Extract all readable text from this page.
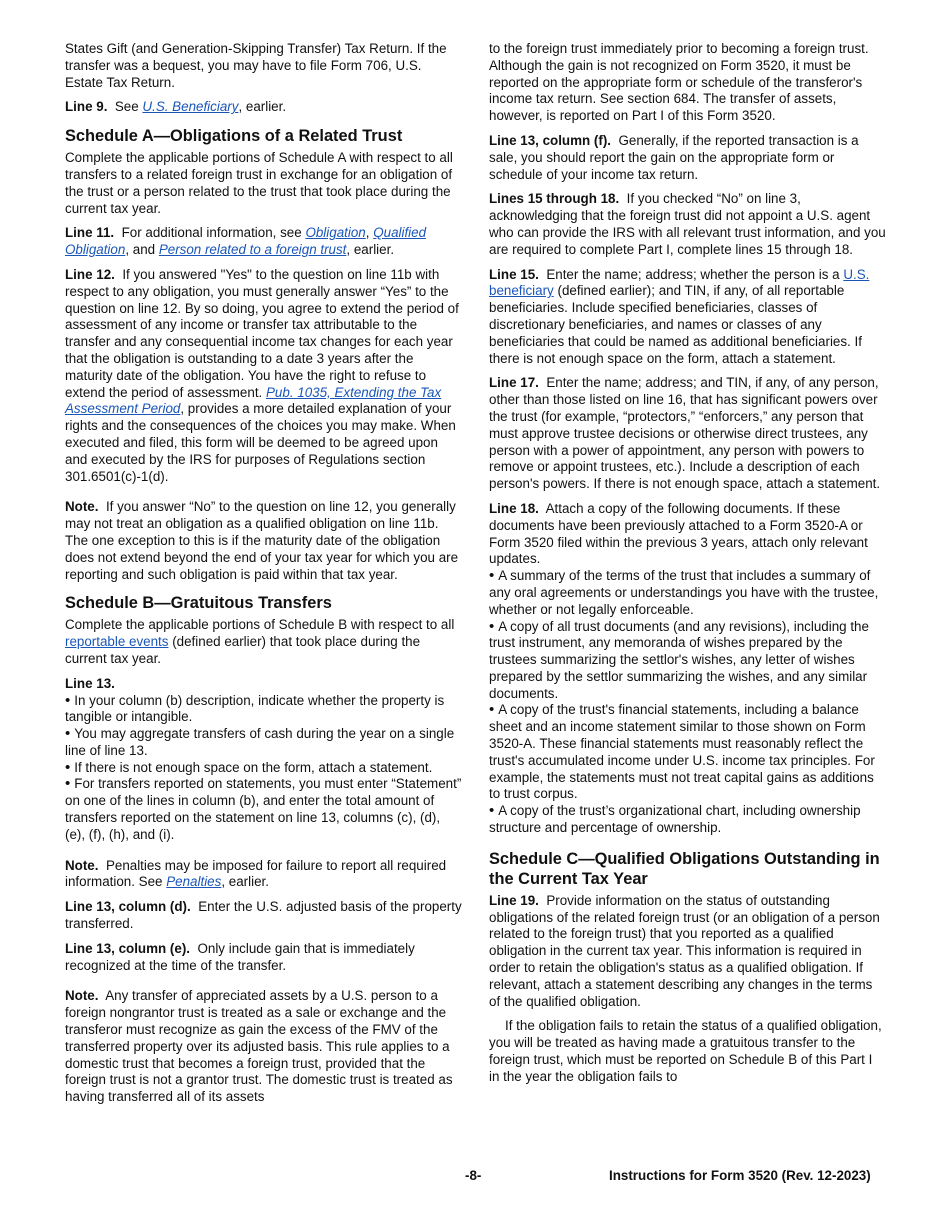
States Gift (and Generation-Skipping Transfer) Tax Return. If the transfer was a bequest, you may have to file Form 706, U.S. Estate Tax Return.

Line 9. See U.S. Beneficiary, earlier.

Schedule A—Obligations of a Related Trust

Complete the applicable portions of Schedule A with respect to all transfers to a related foreign trust in exchange for an obligation of the trust or a person related to the trust that took place during the current tax year.

Line 11. For additional information, see Obligation, Qualified Obligation, and Person related to a foreign trust, earlier.

Line 12. If you answered "Yes" to the question on line 11b with respect to any obligation, you must generally answer “Yes” to the question on line 12. By so doing, you agree to extend the period of assessment of any income or transfer tax attributable to the transfer and any consequential income tax changes for each year that the obligation is outstanding to a date 3 years after the maturity date of the obligation. You have the right to refuse to extend the period of assessment. Pub. 1035, Extending the Tax Assessment Period, provides a more detailed explanation of your rights and the consequences of the choices you may make. When executed and filed, this form will be deemed to be agreed upon and executed by the IRS for purposes of Regulations section 301.6501(c)-1(d).

Note. If you answer “No” to the question on line 12, you generally may not treat an obligation as a qualified obligation on line 11b. The one exception to this is if the maturity date of the obligation does not extend beyond the end of your tax year for which you are reporting and such obligation is paid within that tax year.

Schedule B—Gratuitous Transfers

Complete the applicable portions of Schedule B with respect to all reportable events (defined earlier) that took place during the current tax year.

Line 13.

• In your column (b) description, indicate whether the property is tangible or intangible.

• You may aggregate transfers of cash during the year on a single line of line 13.

• If there is not enough space on the form, attach a statement.

• For transfers reported on statements, you must enter “Statement” on one of the lines in column (b), and enter the total amount of transfers reported on the statement on line 13, columns (c), (d), (e), (f), (h), and (i).

Note. Penalties may be imposed for failure to report all required information. See Penalties, earlier.

Line 13, column (d). Enter the U.S. adjusted basis of the property transferred.

Line 13, column (e). Only include gain that is immediately recognized at the time of the transfer.

Note. Any transfer of appreciated assets by a U.S. person to a foreign nongrantor trust is treated as a sale or exchange and the transferor must recognize as gain the excess of the FMV of the transferred property over its adjusted basis. This rule applies to a domestic trust that becomes a foreign trust, provided that the foreign trust is not a grantor trust. The domestic trust is treated as having transferred all of its assets

to the foreign trust immediately prior to becoming a foreign trust. Although the gain is not recognized on Form 3520, it must be reported on the appropriate form or schedule of the transferor's income tax return. See section 684. The transfer of assets, however, is reported on Part I of this Form 3520.

Line 13, column (f). Generally, if the reported transaction is a sale, you should report the gain on the appropriate form or schedule of your income tax return.

Lines 15 through 18. If you checked “No” on line 3, acknowledging that the foreign trust did not appoint a U.S. agent who can provide the IRS with all relevant trust information, and you are required to complete Part I, complete lines 15 through 18.

Line 15. Enter the name; address; whether the person is a U.S. beneficiary (defined earlier); and TIN, if any, of all reportable beneficiaries. Include specified beneficiaries, classes of discretionary beneficiaries, and names or classes of any beneficiaries that could be named as additional beneficiaries. If there is not enough space on the form, attach a statement.

Line 17. Enter the name; address; and TIN, if any, of any person, other than those listed on line 16, that has significant powers over the trust (for example, “protectors,” “enforcers,” any person that must approve trustee decisions or otherwise direct trustees, any person with a power of appointment, any person with powers to remove or appoint trustees, etc.). Include a description of each person's powers. If there is not enough space, attach a statement.

Line 18. Attach a copy of the following documents. If these documents have been previously attached to a Form 3520-A or Form 3520 filed within the previous 3 years, attach only relevant updates.

• A summary of the terms of the trust that includes a summary of any oral agreements or understandings you have with the trustee, whether or not legally enforceable.

• A copy of all trust documents (and any revisions), including the trust instrument, any memoranda of wishes prepared by the trustees summarizing the settlor's wishes, any letter of wishes prepared by the settlor summarizing the wishes, and any similar documents.

• A copy of the trust's financial statements, including a balance sheet and an income statement similar to those shown on Form 3520-A. These financial statements must reasonably reflect the trust's accumulated income under U.S. income tax principles. For example, the statements must not treat capital gains as additions to trust corpus.

• A copy of the trust’s organizational chart, including ownership structure and percentage of ownership.

Schedule C—Qualified Obligations Outstanding in the Current Tax Year

Line 19. Provide information on the status of outstanding obligations of the related foreign trust (or an obligation of a person related to the foreign trust) that you reported as a qualified obligation in the current tax year. This information is required in order to retain the obligation's status as a qualified obligation. If relevant, attach a statement describing any changes in the terms of the qualified obligation.

If the obligation fails to retain the status of a qualified obligation, you will be treated as having made a gratuitous transfer to the foreign trust, which must be reported on Schedule B of this Part I in the year the obligation fails to

-8-	Instructions for Form 3520 (Rev. 12-2023)
